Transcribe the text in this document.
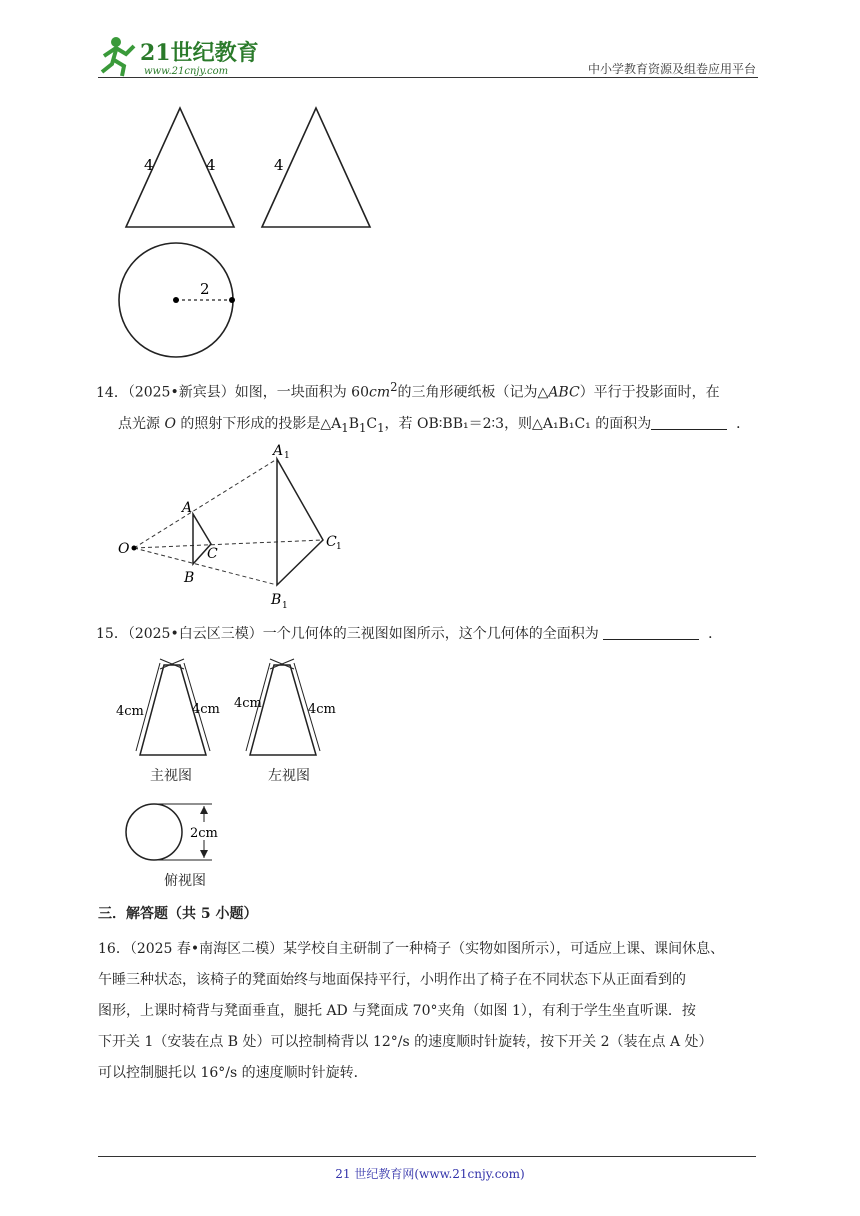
21世纪教育
www.21cnjy.com	中小学教育资源及组卷应用平台
4	4	4
2
14．（2025•新宾县）如图，一块面积为 $60cm^2$的三角形硬纸板（记为△ABC）平行于投影面时，在
点光源 O 的照射下形成的投影是$\triangle A_1B_1C_1$，若 OB∶BB₁＝2∶3，则△A₁B₁C₁ 的面积为	．
O
A
B
C
A 1
B 1
C 1
15．（2025•白云区三模）一个几何体的三视图如图所示，这个几何体的全面积为	．
4cm	4cm 4cm	4cm
主视图	左视图
2cm
俯视图
三．解答题（共 5 小题）
16．（2025 春•南海区二模）某学校自主研制了一种椅子（实物如图所示），可适应上课、课间休息、
午睡三种状态，该椅子的凳面始终与地面保持平行，小明作出了椅子在不同状态下从正面看到的
图形，上课时椅背与凳面垂直，腿托 AD 与凳面成 70°夹角（如图 1），有利于学生坐直听课．按
下开关 1（安装在点 B 处）可以控制椅背以 12°/s 的速度顺时针旋转，按下开关 2（装在点 A 处）
可以控制腿托以 16°/s 的速度顺时针旋转．
21 世纪教育网(www.21cnjy.com)
